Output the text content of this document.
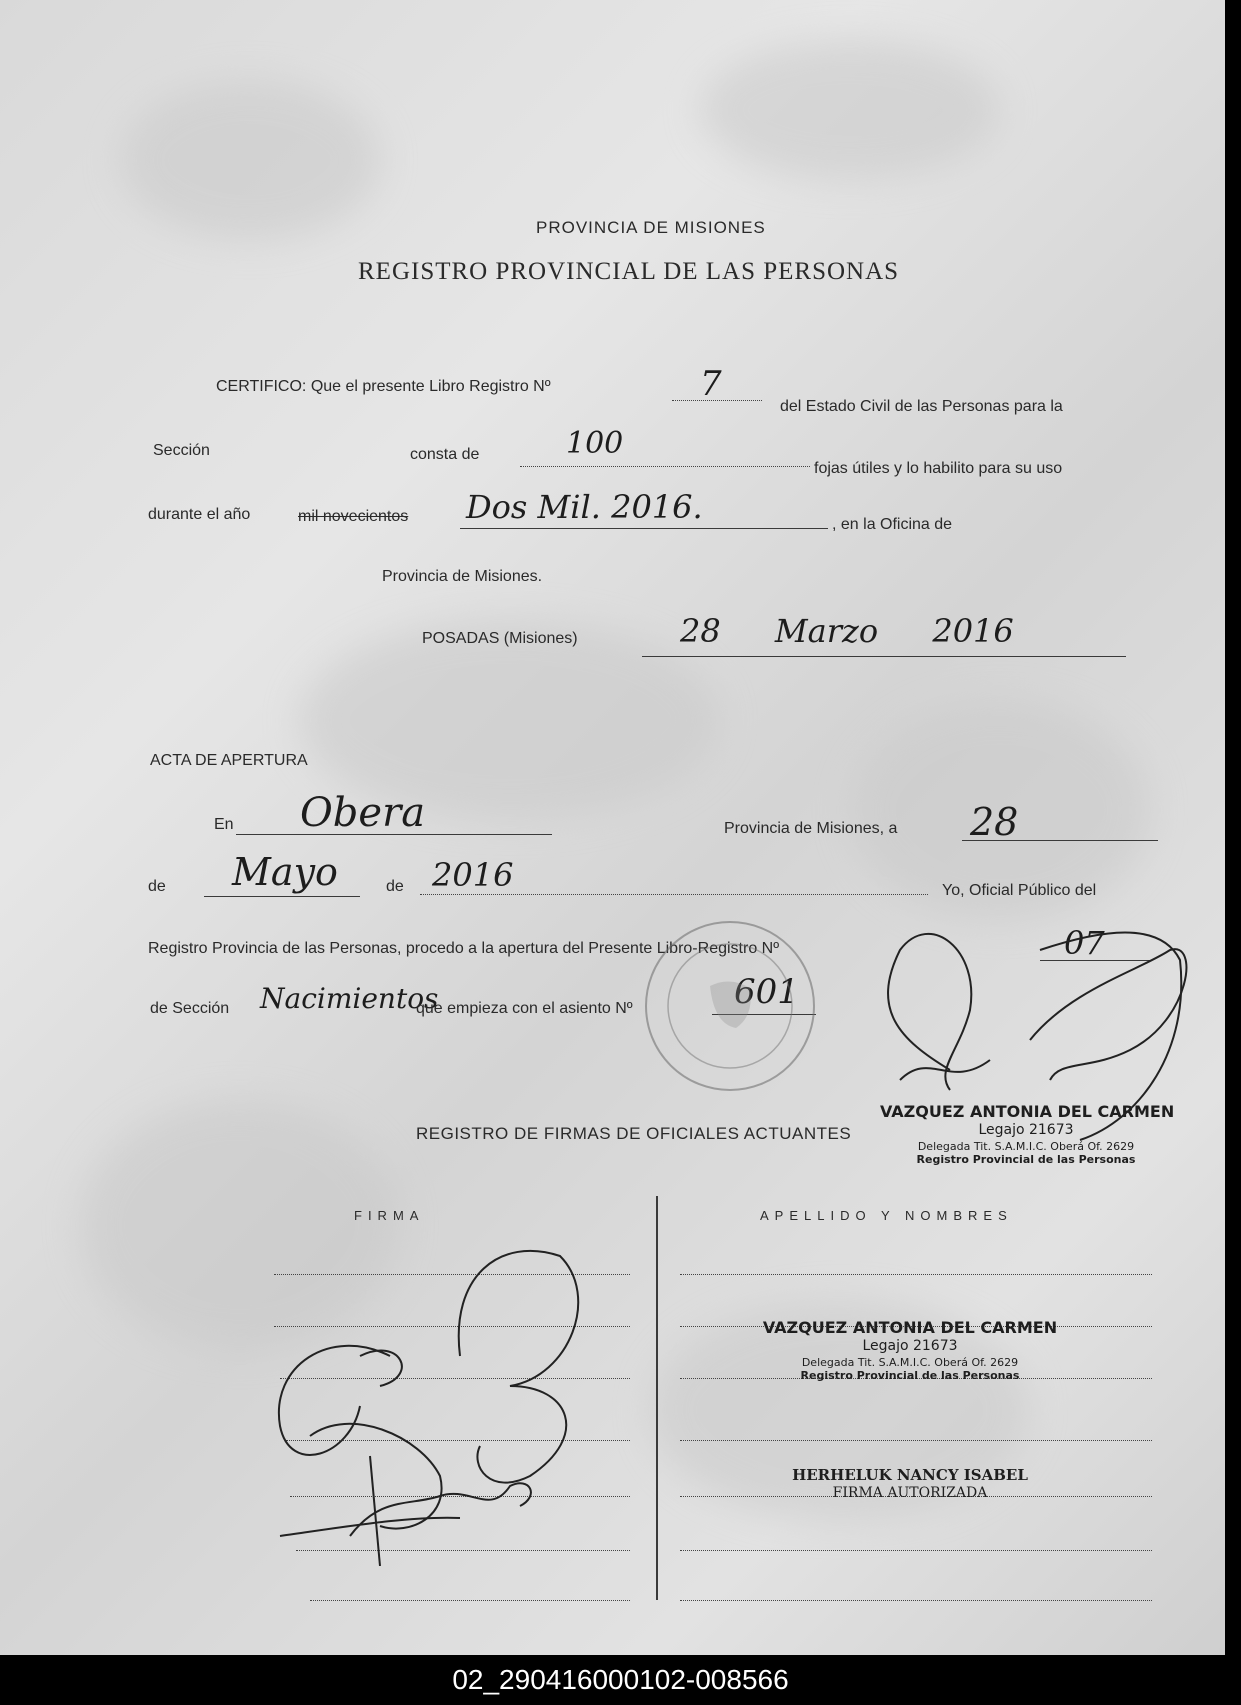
PROVINCIA DE MISIONES
REGISTRO PROVINCIAL DE LAS PERSONAS
CERTIFICO: Que el presente Libro Registro Nº	7
del Estado Civil de las Personas para la
Sección	consta de	100
fojas útiles y lo habilito para su uso
durante el año	mil novecientos Dos Mil. 2016.	, en la Oficina de
Provincia de Misiones.
POSADAS (Misiones)	28 Marzo 2016
ACTA DE APERTURA
En Obera	Provincia de Misiones, a 28
de Mayo	de 2016	Yo, Oficial Público del
Registro Provincia de las Personas, procedo a la apertura del Presente Libro-Registro Nº	07
de Sección Nacimientos
que empieza con el asiento Nº	601
VAZQUEZ ANTONIA DEL CARMEN
Legajo 21673
Delegada Tit. S.A.M.I.C. Oberá Of. 2629
Registro Provincial de las Personas
REGISTRO DE FIRMAS DE OFICIALES ACTUANTES
FIRMA	APELLIDO Y NOMBRES
VAZQUEZ ANTONIA DEL CARMEN
Legajo 21673
Delegada Tit. S.A.M.I.C. Oberá Of. 2629
Registro Provincial de las Personas
HERHELUK NANCY ISABEL
FIRMA AUTORIZADA
02_290416000102-008566
